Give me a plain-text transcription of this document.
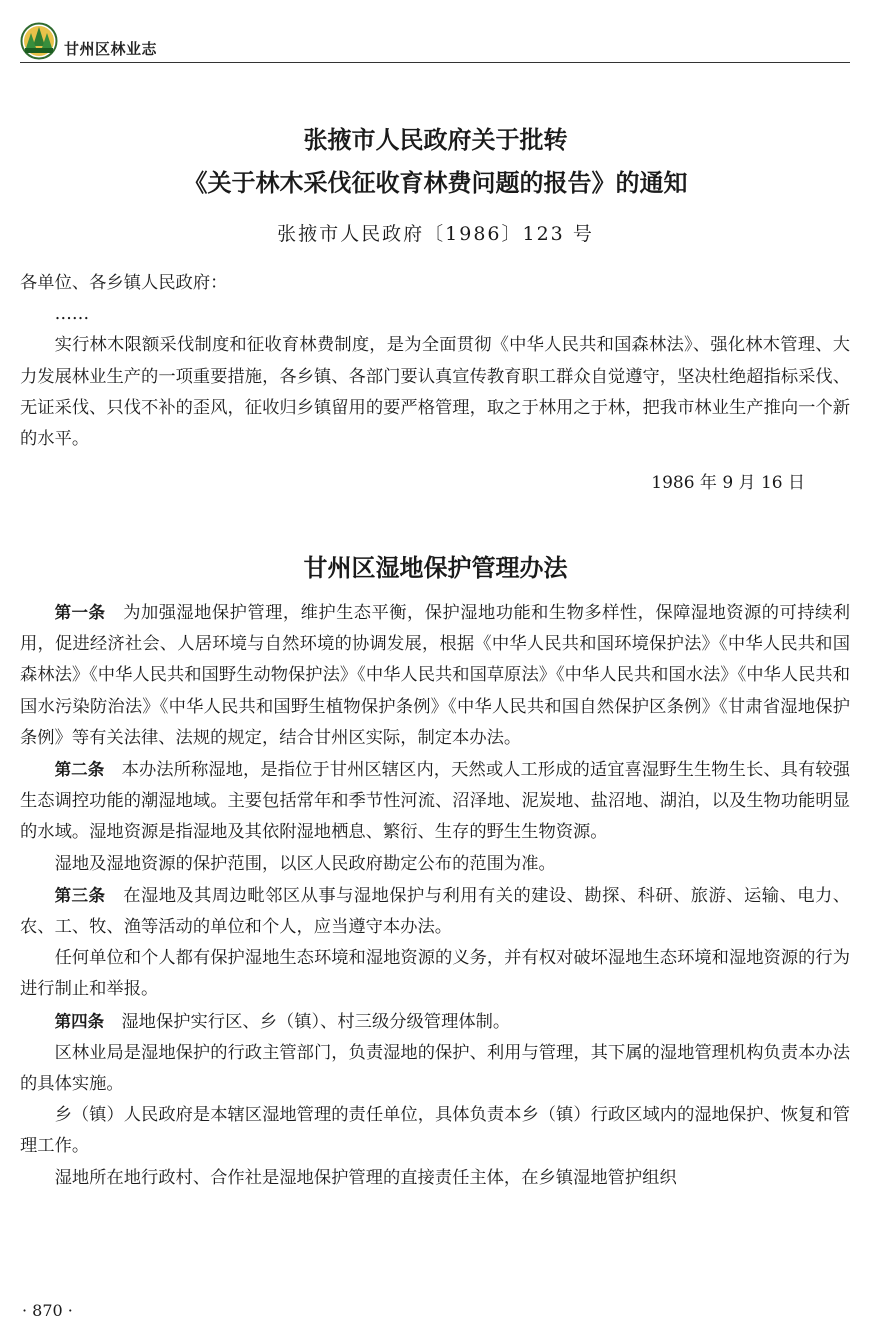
甘州区林业志
张掖市人民政府关于批转
《关于林木采伐征收育林费问题的报告》的通知
张掖市人民政府〔1986〕123 号

各单位、各乡镇人民政府：

……

实行林木限额采伐制度和征收育林费制度，是为全面贯彻《中华人民共和国森林法》、强化林木管理、大力发展林业生产的一项重要措施，各乡镇、各部门要认真宣传教育职工群众自觉遵守，坚决杜绝超指标采伐、无证采伐、只伐不补的歪风，征收归乡镇留用的要严格管理，取之于林用之于林，把我市林业生产推向一个新的水平。

1986 年 9 月 16 日
甘州区湿地保护管理办法

第一条　 为加强湿地保护管理，维护生态平衡，保护湿地功能和生物多样性，保障湿地资源的可持续利用，促进经济社会、人居环境与自然环境的协调发展，根据《中华人民共和国环境保护法》《中华人民共和国森林法》《中华人民共和国野生动物保护法》《中华人民共和国草原法》《中华人民共和国水法》《中华人民共和国水污染防治法》《中华人民共和国野生植物保护条例》《中华人民共和国自然保护区条例》《甘肃省湿地保护条例》等有关法律、法规的规定，结合甘州区实际，制定本办法。

第二条　 本办法所称湿地，是指位于甘州区辖区内，天然或人工形成的适宜喜湿野生生物生长、具有较强生态调控功能的潮湿地域。主要包括常年和季节性河流、沼泽地、泥炭地、盐沼地、湖泊，以及生物功能明显的水域。湿地资源是指湿地及其依附湿地栖息、繁衍、生存的野生生物资源。

湿地及湿地资源的保护范围，以区人民政府勘定公布的范围为准。

第三条　 在湿地及其周边毗邻区从事与湿地保护与利用有关的建设、勘探、科研、旅游、运输、电力、农、工、牧、渔等活动的单位和个人，应当遵守本办法。

任何单位和个人都有保护湿地生态环境和湿地资源的义务，并有权对破坏湿地生态环境和湿地资源的行为进行制止和举报。

第四条　 湿地保护实行区、乡（镇）、村三级分级管理体制。

区林业局是湿地保护的行政主管部门，负责湿地的保护、利用与管理，其下属的湿地管理机构负责本办法的具体实施。

乡（镇）人民政府是本辖区湿地管理的责任单位，具体负责本乡（镇）行政区域内的湿地保护、恢复和管理工作。

湿地所在地行政村、合作社是湿地保护管理的直接责任主体，在乡镇湿地管护组织

· 870 ·
